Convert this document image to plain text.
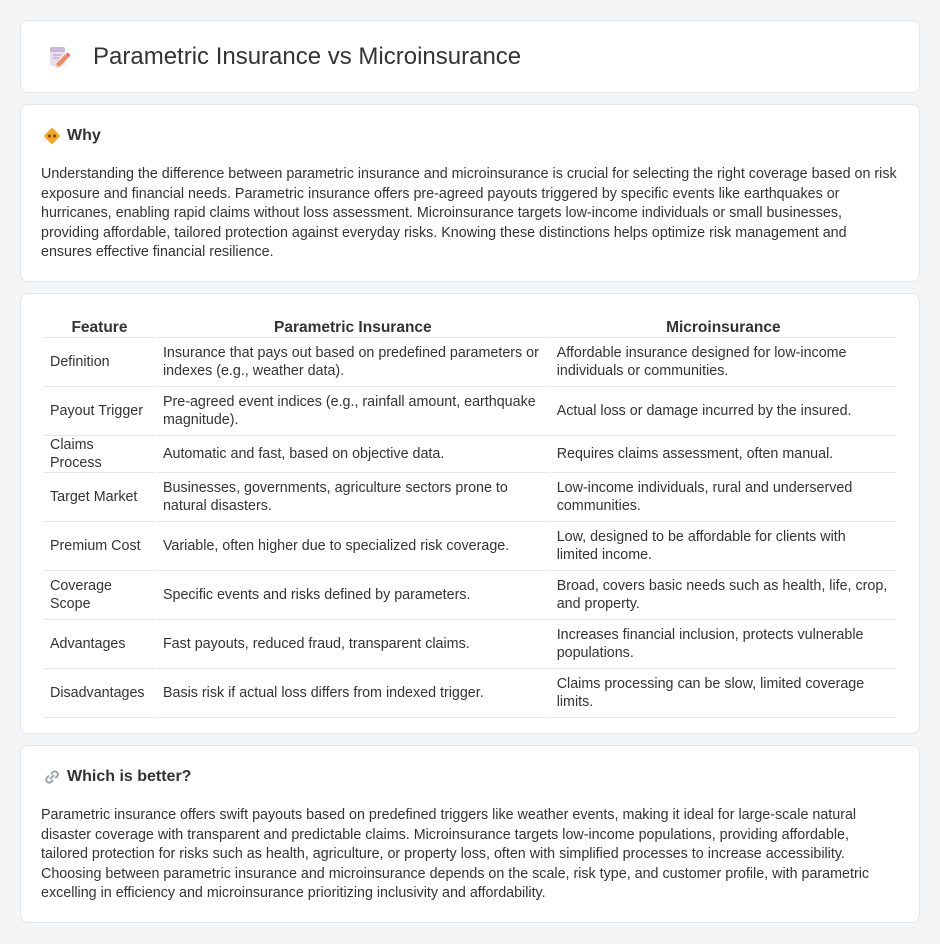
Parametric Insurance vs Microinsurance
Why

Understanding the difference between parametric insurance and microinsurance is crucial for selecting the right coverage based on risk exposure and financial needs. Parametric insurance offers pre-agreed payouts triggered by specific events like earthquakes or hurricanes, enabling rapid claims without loss assessment. Microinsurance targets low-income individuals or small businesses, providing affordable, tailored protection against everyday risks. Knowing these distinctions helps optimize risk management and ensures effective financial resilience.

Feature	Parametric Insurance	Microinsurance
Definition	Insurance that pays out based on predefined parameters or indexes (e.g., weather data).	Affordable insurance designed for low-income individuals or communities.
Payout Trigger	Pre-agreed event indices (e.g., rainfall amount, earthquake magnitude).	Actual loss or damage incurred by the insured.
Claims Process	Automatic and fast, based on objective data.	Requires claims assessment, often manual.
Target Market	Businesses, governments, agriculture sectors prone to natural disasters.	Low-income individuals, rural and underserved communities.
Premium Cost	Variable, often higher due to specialized risk coverage.	Low, designed to be affordable for clients with limited income.
Coverage Scope	Specific events and risks defined by parameters.	Broad, covers basic needs such as health, life, crop, and property.
Advantages	Fast payouts, reduced fraud, transparent claims.	Increases financial inclusion, protects vulnerable populations.
Disadvantages	Basis risk if actual loss differs from indexed trigger.	Claims processing can be slow, limited coverage limits.
Which is better?

Parametric insurance offers swift payouts based on predefined triggers like weather events, making it ideal for large-scale natural disaster coverage with transparent and predictable claims. Microinsurance targets low-income populations, providing affordable, tailored protection for risks such as health, agriculture, or property loss, often with simplified processes to increase accessibility. Choosing between parametric insurance and microinsurance depends on the scale, risk type, and customer profile, with parametric excelling in efficiency and microinsurance prioritizing inclusivity and affordability.
